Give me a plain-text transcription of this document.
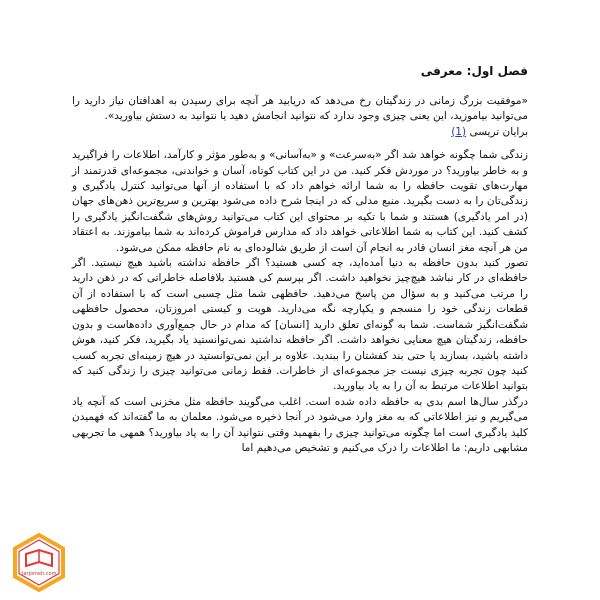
فصل اول: معرفی

«موفقیت بزرگ زمانی در زندگیتان رخ می‌دهد که دریابید هر آنچه برای رسیدن به اهدافتان نیاز دارید را می‌توانید بیاموزید، این یعنی چیزی وجود ندارد که نتوانید انجامش دهید یا نتوانید به دستش بیاورید».

برایان تریسی (1)

زندگی شما چگونه خواهد شد اگر «به‌سرعت» و «به‌آسانی» و به‌طور مؤثر و کارآمد، اطلاعات را فراگیرید و به خاطر بیاورید؟ در موردش فکر کنید. من در این کتاب کوتاه، آسان و خواندنی، مجموعه‌ای قدرتمند از مهارت‌های تقویت حافظه را به شما ارائه خواهم داد که با استفاده از آنها می‌توانید کنترل یادگیری و زندگی‌تان را به دست بگیرید. منبع مدلی که در اینجا شرح داده می‌شود بهترین و سریع‌ترین ذهن‌های جهان (در امر یادگیری) هستند و شما با تکیه بر محتوای این کتاب می‌توانید روش‌های شگفت‌انگیز یادگیری را کشف کنید. این کتاب به شما اطلاعاتی خواهد داد که مدارس فراموش کرده‌اند به شما بیاموزند. به اعتقاد من هر آنچه مغز انسان قادر به انجام آن است از طریق شالوده‌ای به نام حافظه ممکن می‌شود.

تصور کنید بدون حافظه به دنیا آمده‌اید، چه کسی هستید؟ اگر حافظه نداشته باشید هیچ نیستید. اگر حافظه‌ای در کار نباشد هیچ‌چیز نخواهید داشت. اگر بپرسم کی هستید بلافاصله خاطراتی که در ذهن دارید را مرتب می‌کنید و به سؤال من پاسخ می‌دهید. حافظهی شما مثل چسبی است که با استفاده از آن قطعات زندگی خود را منسجم و یکپارچه نگه می‌دارید. هویت و کیستی امروزتان، محصول حافظهی شگفت‌انگیز شماست. شما به گونه‌ای تعلق دارید [انسان] که مدام در حال جمع‌آوری داده‌هاست و بدون حافظه، زندگیتان هیچ معنایی نخواهد داشت. اگر حافظه نداشتید نمی‌توانستید یاد بگیرید، فکر کنید، هوش داشته باشید، بسازید یا حتی بند کفشتان را ببندید. علاوه بر این نمی‌توانستید در هیچ زمینه‌ای تجربه کسب کنید چون تجربه چیزی نیست جز مجموعه‌ای از خاطرات. فقط زمانی می‌توانید چیزی را زندگی کنید که بتوانید اطلاعات مرتبط به آن را به یاد بیاورید.

درگذر سال‌ها اسم بدی به حافظه داده شده است. اغلب می‌گویند حافظه مثل مخزنی است که آنچه یاد می‌گیریم و نیز اطلاعاتی که به مغز وارد می‌شود در آنجا ذخیره می‌شود. معلمان به ما گفته‌اند که فهمیدن کلید یادگیری است اما چگونه می‌توانید چیزی را بفهمید وقتی نتوانید آن را به یاد بیاورید؟ همهی ما تجربهی مشابهی داریم: ما اطلاعات را درک می‌کنیم و تشخیص می‌دهیم اما

tarjomeh.com
